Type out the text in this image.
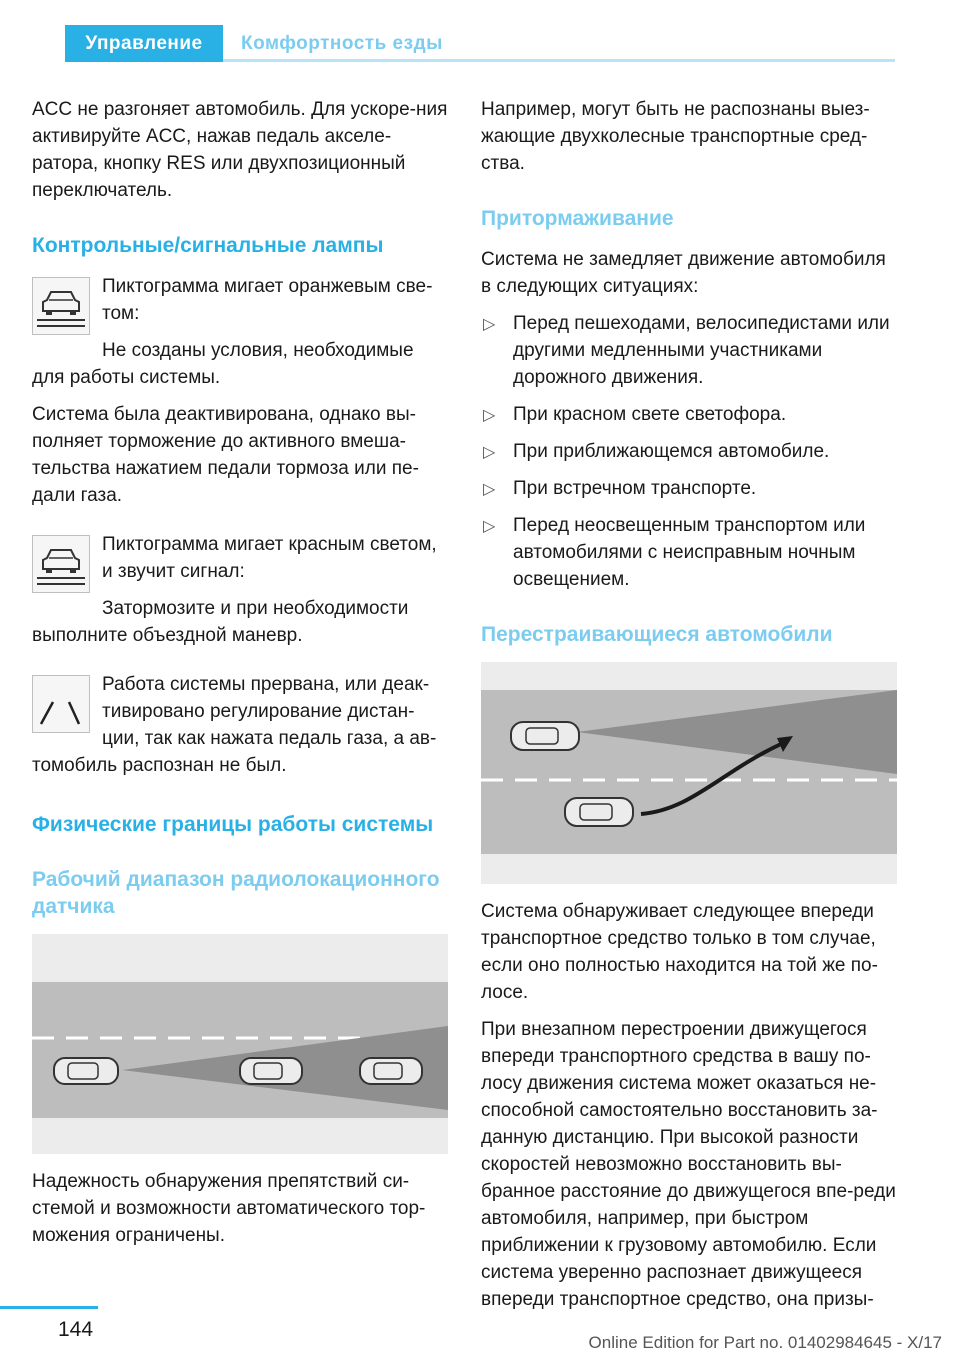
Управление	Комфортность езды

ACC не разгоняет автомобиль. Для ускоре-ния активируйте ACC, нажав педаль акселе-ратора, кнопку RES или двухпозиционный переключатель.

Контрольные/сигнальные лампы

Пиктограмма мигает оранжевым све-том:

Не созданы условия, необходимые для работы системы.

Система была деактивирована, однако вы-полняет торможение до активного вмеша-тельства нажатием педали тормоза или пе-дали газа.

Пиктограмма мигает красным светом, и звучит сигнал:

Затормозите и при необходимости выполните объездной маневр.

Работа системы прервана, или деак-тивировано регулирование дистан-ции, так как нажата педаль газа, а ав-томобиль распознан не был.

Физические границы работы системы
Рабочий диапазон радиолокационного датчика

Надежность обнаружения препятствий си-стемой и возможности автоматического тор-можения ограничены.

Например, могут быть не распознаны выез-жающие двухколесные транспортные сред-ства.

Притормаживание

Система не замедляет движение автомобиля в следующих ситуациях:

▷ Перед пешеходами, велосипедистами или другими медленными участниками дорожного движения.
▷ При красном свете светофора.
▷ При приближающемся автомобиле.
▷ При встречном транспорте.
▷ Перед неосвещенным транспортом или автомобилями с неисправным ночным освещением.
Перестраивающиеся автомобили

Система обнаруживает следующее впереди транспортное средство только в том случае, если оно полностью находится на той же по-лосе.

При внезапном перестроении движущегося впереди транспортного средства в вашу по-лосу движения система может оказаться не-способной самостоятельно восстановить за-данную дистанцию. При высокой разности скоростей невозможно восстановить вы-бранное расстояние до движущегося впе-реди автомобиля, например, при быстром приближении к грузовому автомобилю. Если система уверенно распознает движущееся впереди транспортное средство, она призы-

144
Online Edition for Part no. 01402984645 - X/17
